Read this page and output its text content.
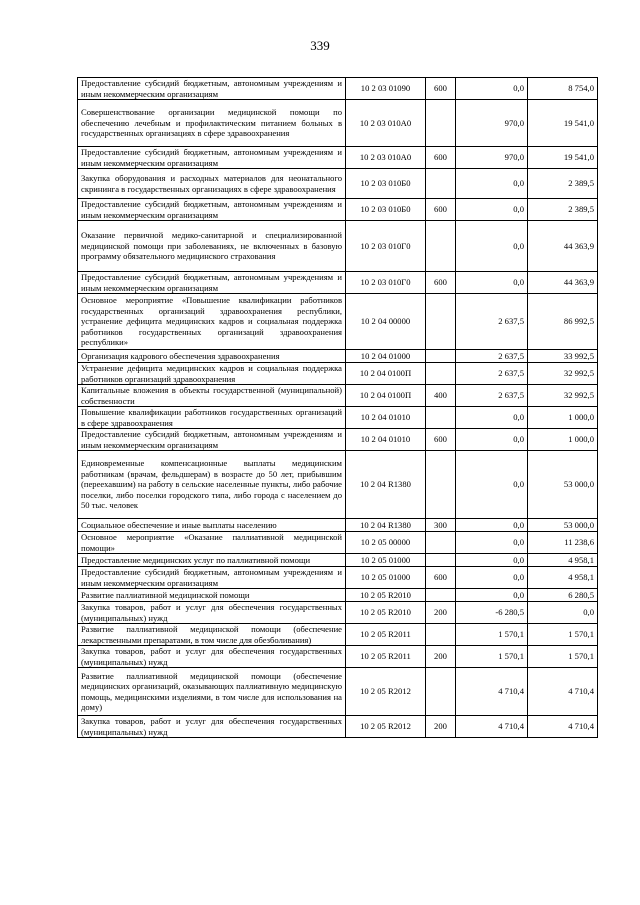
339
Предоставление субсидий бюджетным, автономным учреждениям и иным некоммерческим организациям	10 2 03 01090	600	0,0	8 754,0
Совершенствование организации медицинской помощи по обеспечению лечебным и профилактическим питанием больных в государственных организациях в сфере здравоохранения	10 2 03 010А0		970,0	19 541,0
Предоставление субсидий бюджетным, автономным учреждениям и иным некоммерческим организациям	10 2 03 010А0	600	970,0	19 541,0
Закупка оборудования и расходных материалов для неонатального скрининга в государственных организациях в сфере здравоохранения	10 2 03 010Б0		0,0	2 389,5
Предоставление субсидий бюджетным, автономным учреждениям и иным некоммерческим организациям	10 2 03 010Б0	600	0,0	2 389,5
Оказание первичной медико-санитарной и специализированной медицинской помощи при заболеваниях, не включенных в базовую программу обязательного медицинского страхования	10 2 03 010Г0		0,0	44 363,9
Предоставление субсидий бюджетным, автономным учреждениям и иным некоммерческим организациям	10 2 03 010Г0	600	0,0	44 363,9
Основное мероприятие «Повышение квалификации работников государственных организаций здравоохранения республики, устранение дефицита медицинских кадров и социальная поддержка работников государственных организаций здравоохранения республики»	10 2 04 00000		2 637,5	86 992,5
Организация кадрового обеспечения здравоохранения	10 2 04 01000		2 637,5	33 992,5
Устранение дефицита медицинских кадров и социальная поддержка работников организаций здравоохранения	10 2 04 0100П		2 637,5	32 992,5
Капитальные вложения в объекты государственной (муниципальной) собственности	10 2 04 0100П	400	2 637,5	32 992,5
Повышение квалификации работников государственных организаций в сфере здравоохранения	10 2 04 01010		0,0	1 000,0
Предоставление субсидий бюджетным, автономным учреждениям и иным некоммерческим организациям	10 2 04 01010	600	0,0	1 000,0
Единовременные компенсационные выплаты медицинским работникам (врачам, фельдшерам) в возрасте до 50 лет, прибывшим (переехавшим) на работу в сельские населенные пункты, либо рабочие поселки, либо поселки городского типа, либо города с населением до 50 тыс. человек	10 2 04 R1380		0,0	53 000,0
Социальное обеспечение и иные выплаты населению	10 2 04 R1380	300	0,0	53 000,0
Основное мероприятие «Оказание паллиативной медицинской помощи»	10 2 05 00000		0,0	11 238,6
Предоставление медицинских услуг по паллиативной помощи	10 2 05 01000		0,0	4 958,1
Предоставление субсидий бюджетным, автономным учреждениям и иным некоммерческим организациям	10 2 05 01000	600	0,0	4 958,1
Развитие паллиативной медицинской помощи	10 2 05 R2010		0,0	6 280,5
Закупка товаров, работ и услуг для обеспечения государственных (муниципальных) нужд	10 2 05 R2010	200	-6 280,5	0,0
Развитие паллиативной медицинской помощи (обеспечение лекарственными препаратами, в том числе для обезболивания)	10 2 05 R2011		1 570,1	1 570,1
Закупка товаров, работ и услуг для обеспечения государственных (муниципальных) нужд	10 2 05 R2011	200	1 570,1	1 570,1
Развитие паллиативной медицинской помощи (обеспечение медицинских организаций, оказывающих паллиативную медицинскую помощь, медицинскими изделиями, в том числе для использования на дому)	10 2 05 R2012		4 710,4	4 710,4
Закупка товаров, работ и услуг для обеспечения государственных (муниципальных) нужд	10 2 05 R2012	200	4 710,4	4 710,4
